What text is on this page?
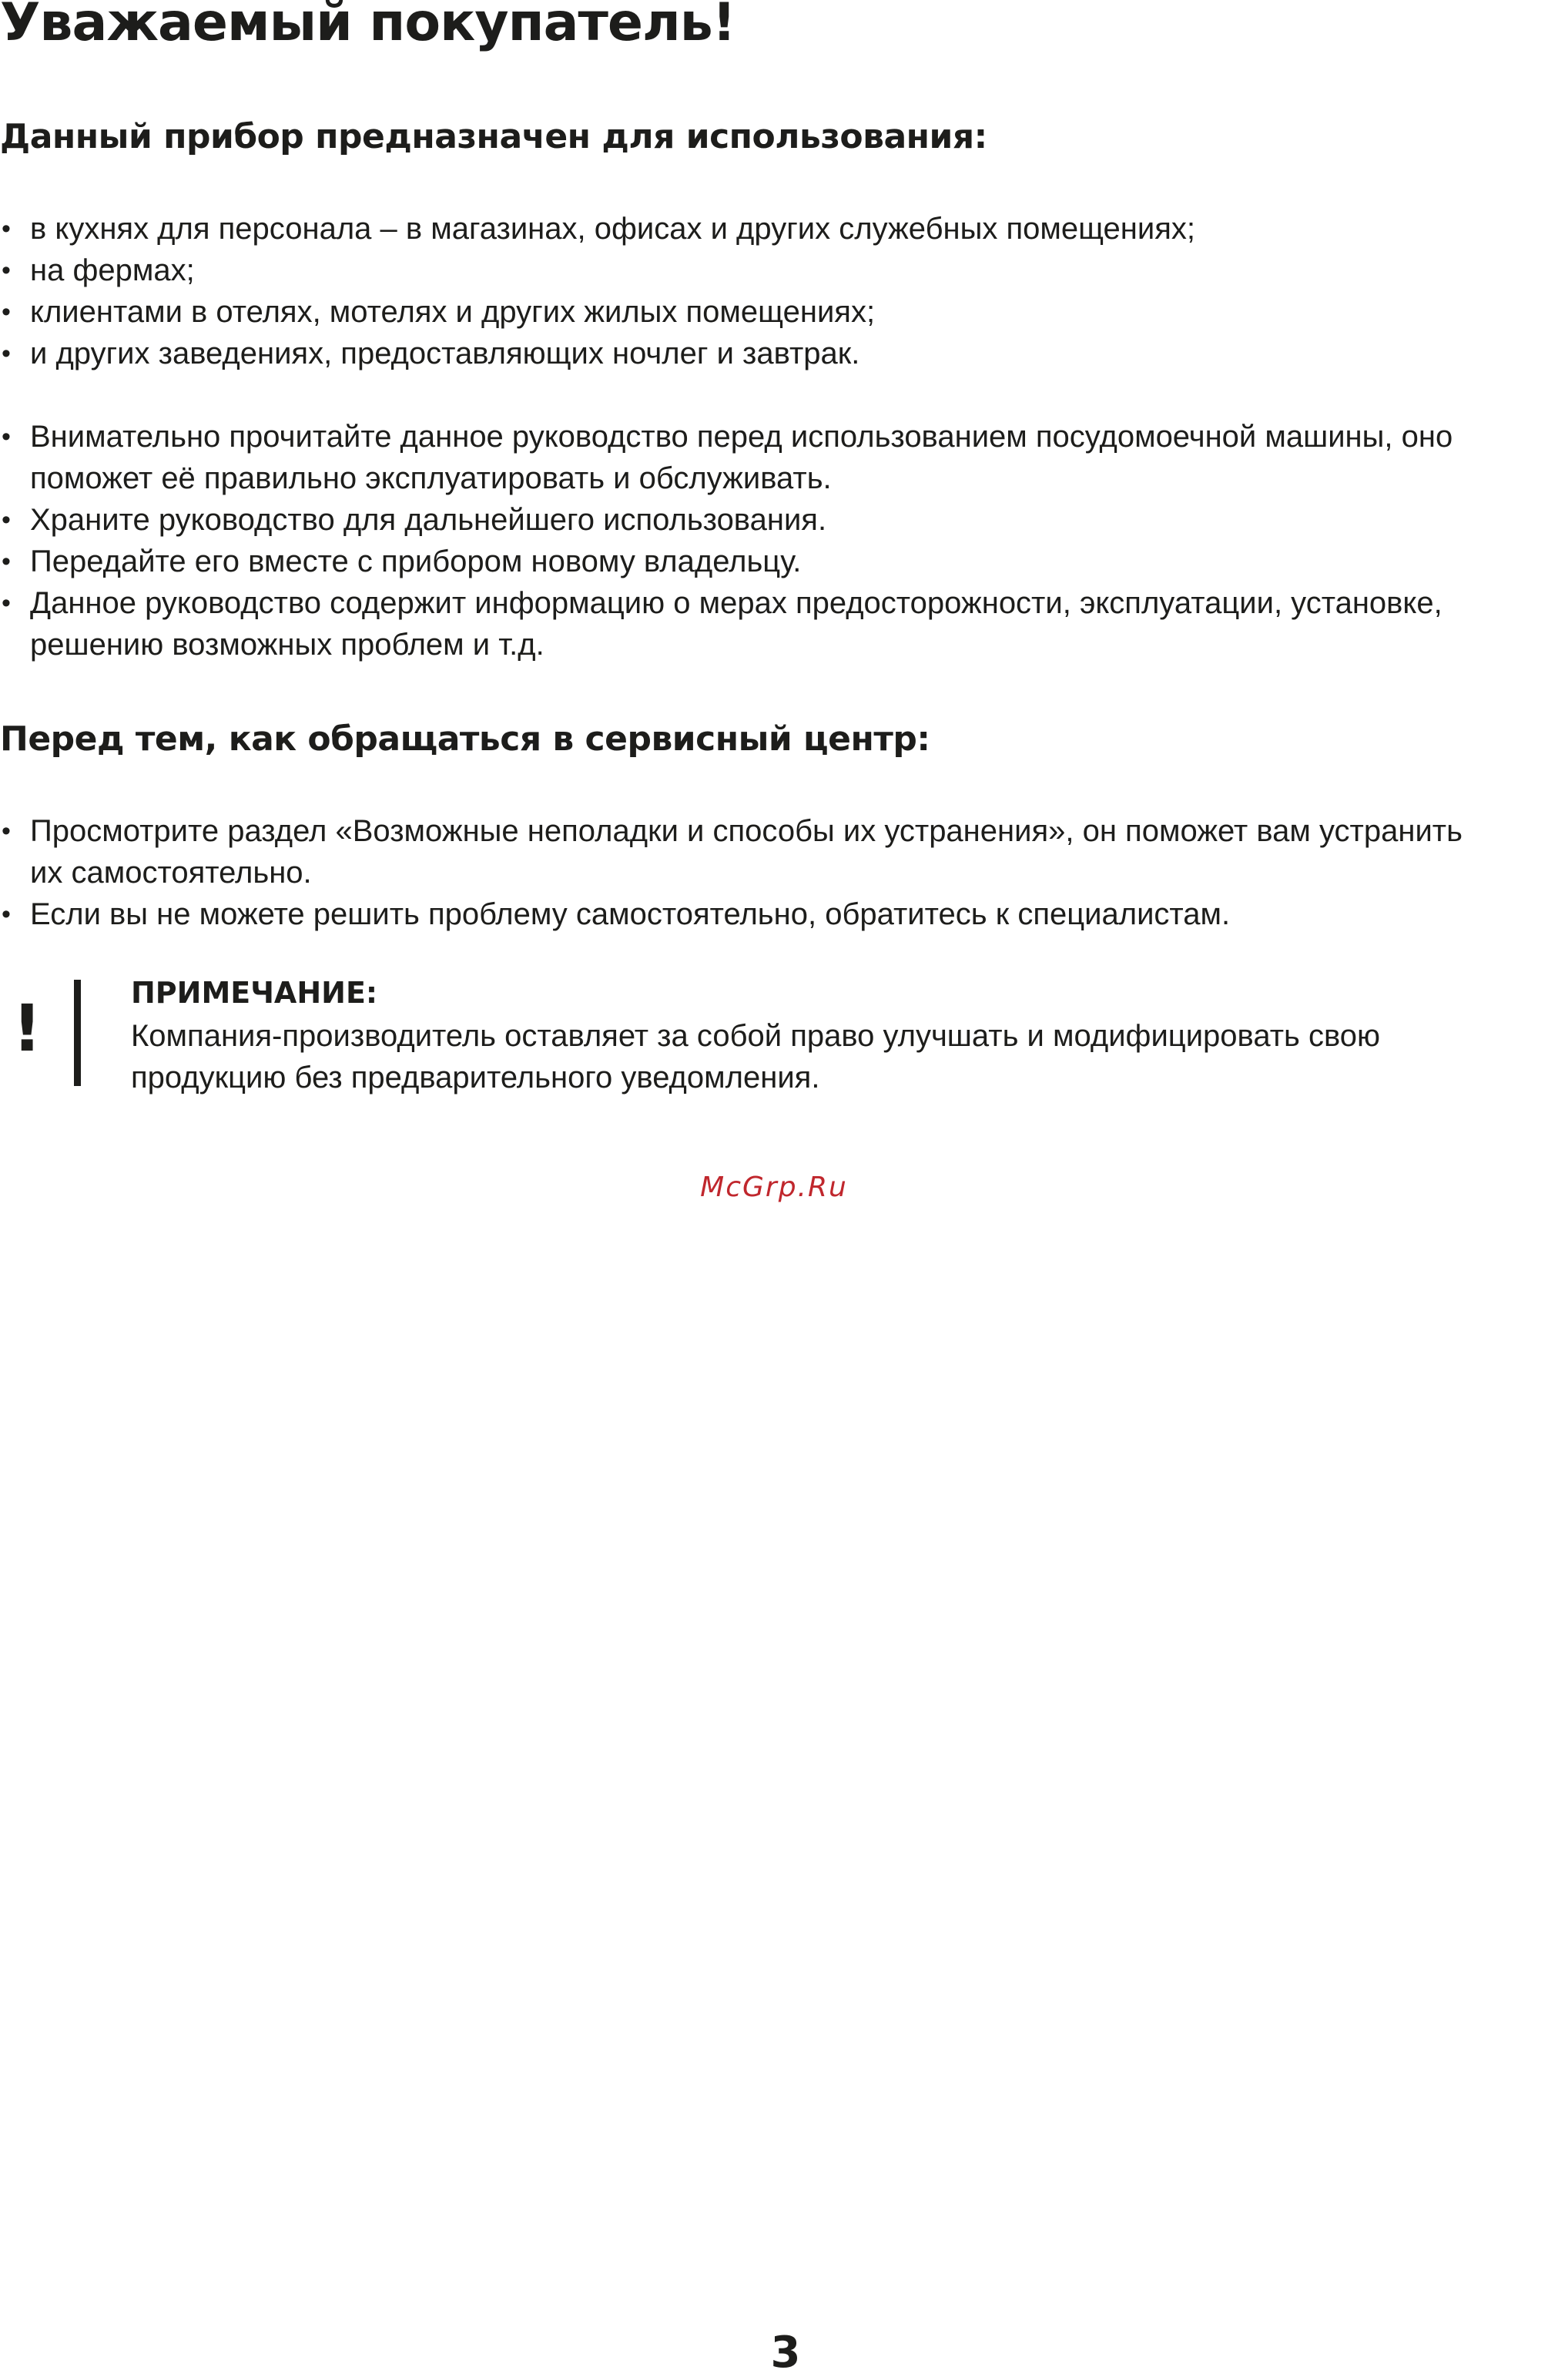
Уважаемый покупатель!
Данный прибор предназначен для использования:
• в кухнях для персонала – в магазинах, офисах и других служебных помещениях;
• на фермах;
• клиентами в отелях, мотелях и других жилых помещениях;
• и других заведениях, предоставляющих ночлег и завтрак.
• Внимательно прочитайте данное руководство перед использованием посудомоечной машины, оно
поможет её правильно эксплуатировать и обслуживать.
• Храните руководство для дальнейшего использования.
• Передайте его вместе с прибором новому владельцу.
• Данное руководство содержит информацию о мерах предосторожности, эксплуатации, установке,
решению возможных проблем и т.д.
Перед тем, как обращаться в сервисный центр:
• Просмотрите раздел «Возможные неполадки и способы их устранения», он поможет вам устранить
их самостоятельно.
• Если вы не можете решить проблему самостоятельно, обратитесь к специалистам.
!	ПРИМЕЧАНИЕ:
Компания-производитель оставляет за собой право улучшать и модифицировать свою
продукцию без предварительного уведомления.
McGrp.Ru
3
